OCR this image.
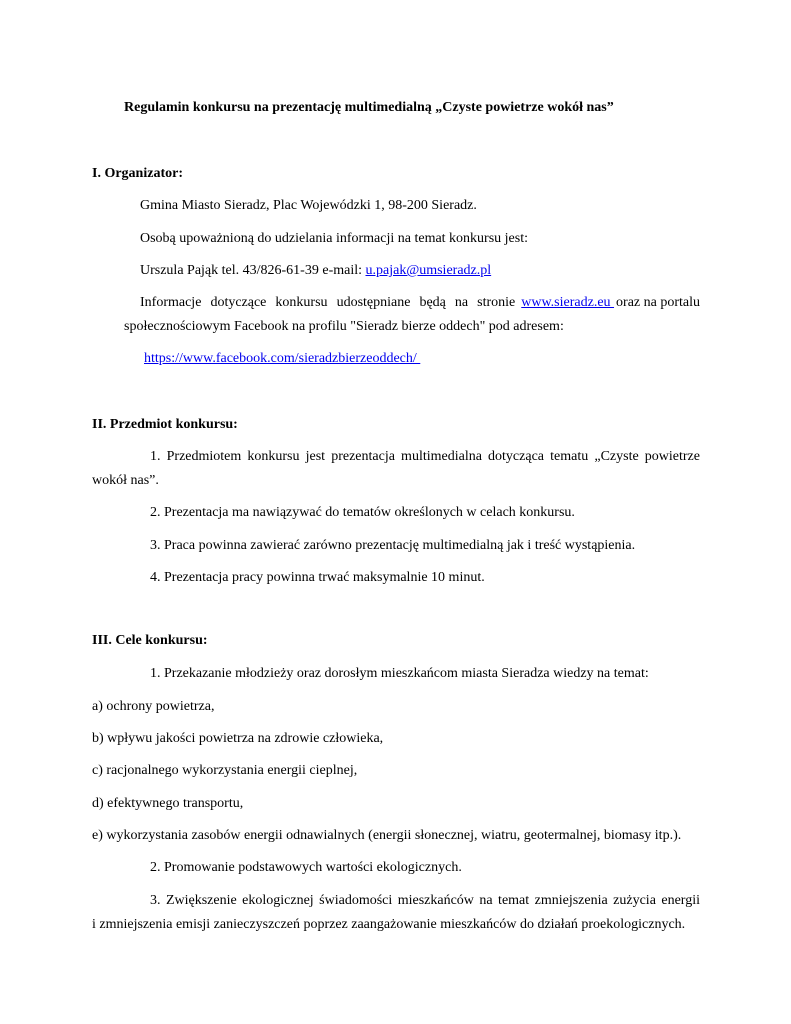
Regulamin konkursu na prezentację multimedialną „Czyste powietrze wokół nas”
I. Organizator:
Gmina Miasto Sieradz, Plac Wojewódzki 1, 98-200 Sieradz.
Osobą upoważnioną do udzielania informacji na temat konkursu jest:
Urszula Pająk tel. 43/826-61-39 e-mail: u.pajak@umsieradz.pl
Informacje dotyczące konkursu udostępniane będą na stronie www.sieradz.eu oraz na portalu
społecznościowym Facebook na profilu "Sieradz bierze oddech" pod adresem:
https://www.facebook.com/sieradzbierzeoddech/
II. Przedmiot konkursu:
1. Przedmiotem konkursu jest prezentacja multimedialna dotycząca tematu „Czyste powietrze
wokół nas”.
2. Prezentacja ma nawiązywać do tematów określonych w celach konkursu.
3. Praca powinna zawierać zarówno prezentację multimedialną jak i treść wystąpienia.
4. Prezentacja pracy powinna trwać maksymalnie 10 minut.
III. Cele konkursu:
1. Przekazanie młodzieży oraz dorosłym mieszkańcom miasta Sieradza wiedzy na temat:
a) ochrony powietrza,
b) wpływu jakości powietrza na zdrowie człowieka,
c) racjonalnego wykorzystania energii cieplnej,
d) efektywnego transportu,
e) wykorzystania zasobów energii odnawialnych (energii słonecznej, wiatru, geotermalnej, biomasy itp.).
2. Promowanie podstawowych wartości ekologicznych.
3. Zwiększenie ekologicznej świadomości mieszkańców na temat zmniejszenia zużycia energii
i zmniejszenia emisji zanieczyszczeń poprzez zaangażowanie mieszkańców do działań proekologicznych.
